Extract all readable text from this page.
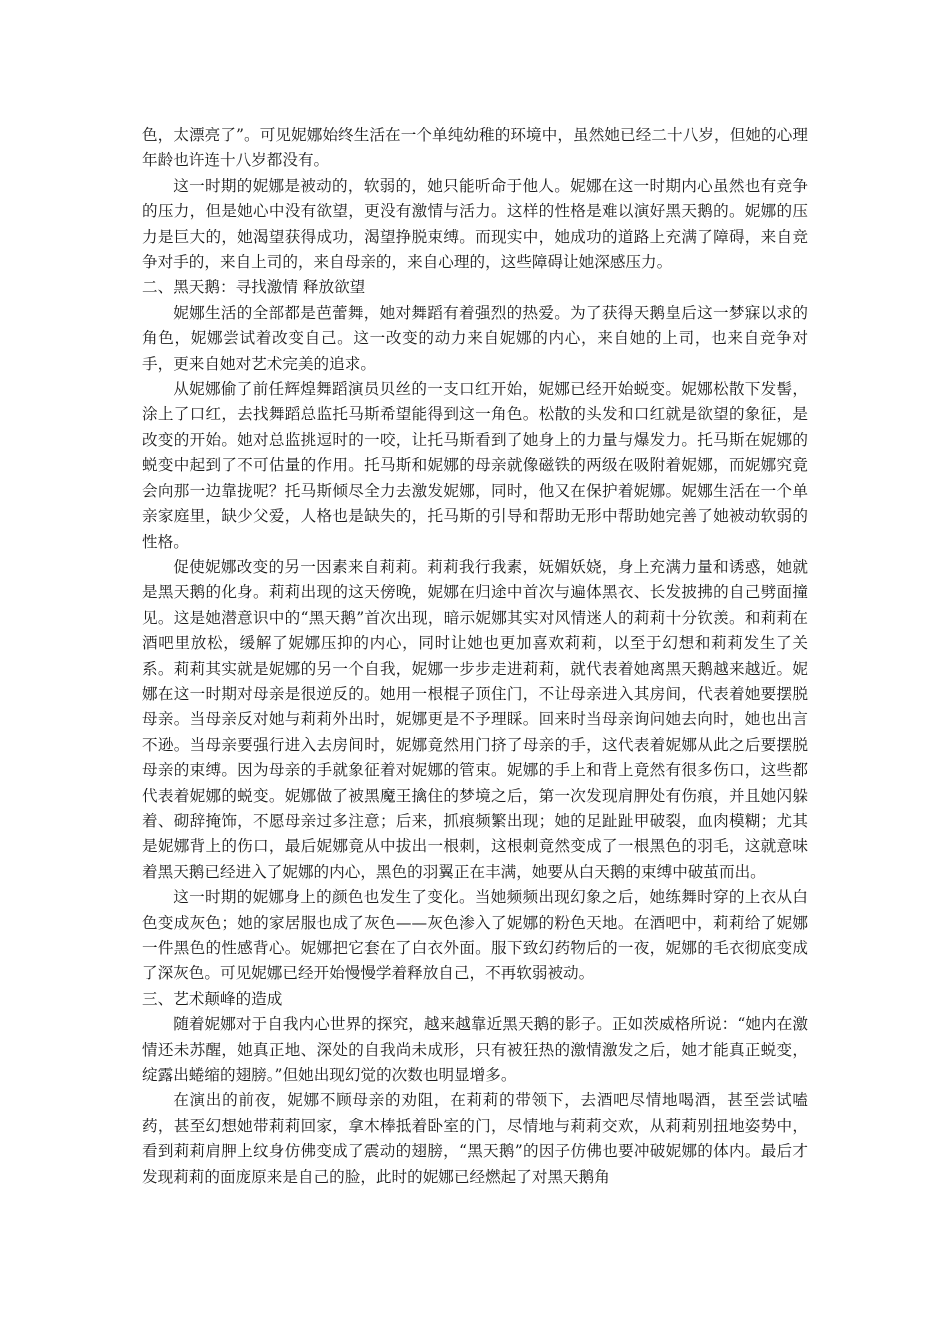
色，太漂亮了”。可见妮娜始终生活在一个单纯幼稚的环境中，虽然她已经二十八岁，但她的心理年龄也许连十八岁都没有。

这一时期的妮娜是被动的，软弱的，她只能听命于他人。妮娜在这一时期内心虽然也有竞争的压力，但是她心中没有欲望，更没有激情与活力。这样的性格是难以演好黑天鹅的。妮娜的压力是巨大的，她渴望获得成功，渴望挣脱束缚。而现实中，她成功的道路上充满了障碍，来自竞争对手的，来自上司的，来自母亲的，来自心理的，这些障碍让她深感压力。

二、黑天鹅：寻找激情 释放欲望

妮娜生活的全部都是芭蕾舞，她对舞蹈有着强烈的热爱。为了获得天鹅皇后这一梦寐以求的角色，妮娜尝试着改变自己。这一改变的动力来自妮娜的内心，来自她的上司，也来自竞争对手，更来自她对艺术完美的追求。

从妮娜偷了前任辉煌舞蹈演员贝丝的一支口红开始，妮娜已经开始蜕变。妮娜松散下发髻，涂上了口红，去找舞蹈总监托马斯希望能得到这一角色。松散的头发和口红就是欲望的象征，是改变的开始。她对总监挑逗时的一咬，让托马斯看到了她身上的力量与爆发力。托马斯在妮娜的蜕变中起到了不可估量的作用。托马斯和妮娜的母亲就像磁铁的两级在吸附着妮娜，而妮娜究竟会向那一边靠拢呢？托马斯倾尽全力去激发妮娜，同时，他又在保护着妮娜。妮娜生活在一个单亲家庭里，缺少父爱，人格也是缺失的，托马斯的引导和帮助无形中帮助她完善了她被动软弱的性格。

促使妮娜改变的另一因素来自莉莉。莉莉我行我素，妩媚妖娆，身上充满力量和诱惑，她就是黑天鹅的化身。莉莉出现的这天傍晚，妮娜在归途中首次与遍体黑衣、长发披拂的自己劈面撞见。这是她潜意识中的“黑天鹅”首次出现，暗示妮娜其实对风情迷人的莉莉十分钦羡。和莉莉在酒吧里放松，缓解了妮娜压抑的内心，同时让她也更加喜欢莉莉，以至于幻想和莉莉发生了关系。莉莉其实就是妮娜的另一个自我，妮娜一步步走进莉莉，就代表着她离黑天鹅越来越近。妮娜在这一时期对母亲是很逆反的。她用一根棍子顶住门，不让母亲进入其房间，代表着她要摆脱母亲。当母亲反对她与莉莉外出时，妮娜更是不予理睬。回来时当母亲询问她去向时，她也出言不逊。当母亲要强行进入去房间时，妮娜竟然用门挤了母亲的手，这代表着妮娜从此之后要摆脱母亲的束缚。因为母亲的手就象征着对妮娜的管束。妮娜的手上和背上竟然有很多伤口，这些都代表着妮娜的蜕变。妮娜做了被黑魔王擒住的梦境之后，第一次发现肩胛处有伤痕，并且她闪躲着、砌辞掩饰，不愿母亲过多注意；后来，抓痕频繁出现；她的足趾趾甲破裂，血肉模糊；尤其是妮娜背上的伤口，最后妮娜竟从中拔出一根刺，这根刺竟然变成了一根黑色的羽毛，这就意味着黑天鹅已经进入了妮娜的内心，黑色的羽翼正在丰满，她要从白天鹅的束缚中破茧而出。

这一时期的妮娜身上的颜色也发生了变化。当她频频出现幻象之后，她练舞时穿的上衣从白色变成灰色；她的家居服也成了灰色——灰色渗入了妮娜的粉色天地。在酒吧中，莉莉给了妮娜一件黑色的性感背心。妮娜把它套在了白衣外面。服下致幻药物后的一夜，妮娜的毛衣彻底变成了深灰色。可见妮娜已经开始慢慢学着释放自己，不再软弱被动。

三、艺术颠峰的造成

随着妮娜对于自我内心世界的探究，越来越靠近黑天鹅的影子。正如茨威格所说：“她内在激情还未苏醒，她真正地、深处的自我尚未成形，只有被狂热的激情激发之后，她才能真正蜕变，绽露出蜷缩的翅膀。”但她出现幻觉的次数也明显增多。

在演出的前夜，妮娜不顾母亲的劝阻，在莉莉的带领下，去酒吧尽情地喝酒，甚至尝试嗑药，甚至幻想她带莉莉回家，拿木棒抵着卧室的门，尽情地与莉莉交欢，从莉莉别扭地姿势中，看到莉莉肩胛上纹身仿佛变成了震动的翅膀，“黑天鹅”的因子仿佛也要冲破妮娜的体内。最后才发现莉莉的面庞原来是自己的脸，此时的妮娜已经燃起了对黑天鹅角
